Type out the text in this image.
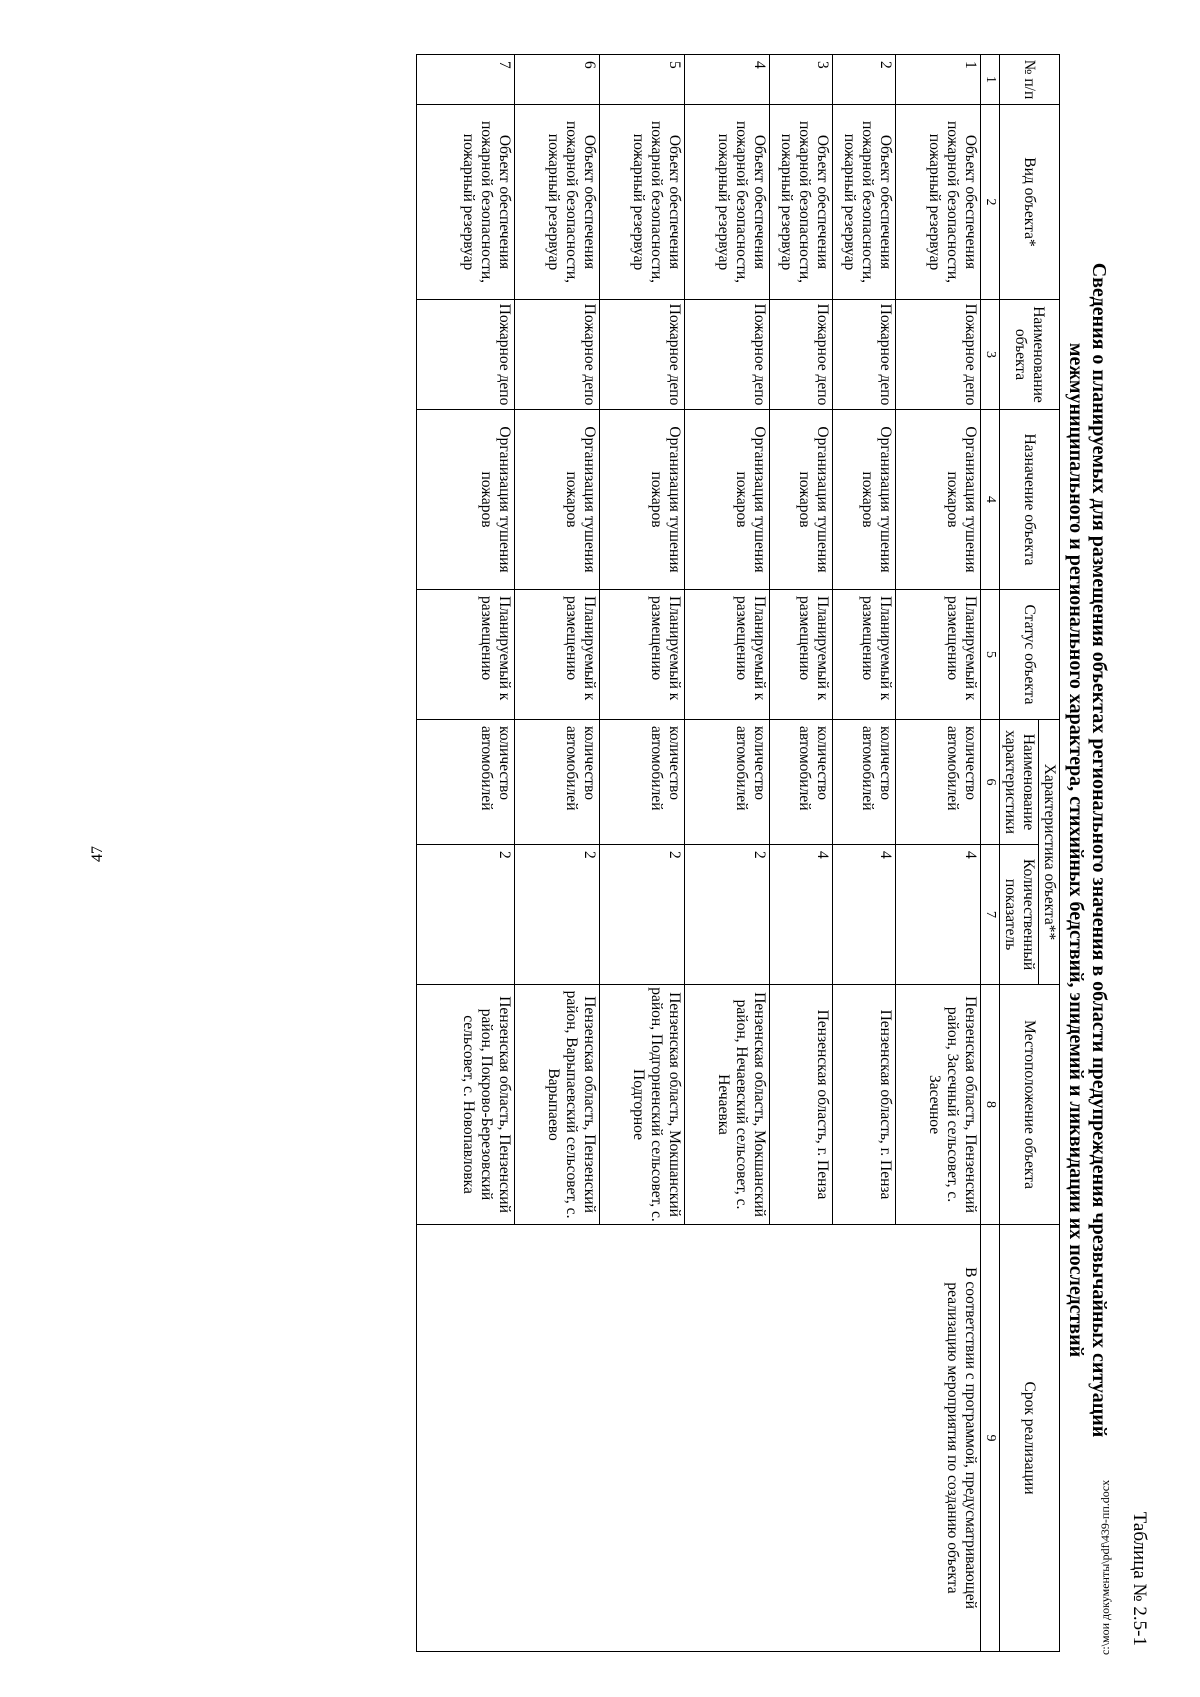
47
Таблица № 2.5-1
Сведения о планируемых для размещения объектах регионального значения в области предупреждения чрезвычайных ситуаций
межмуниципального и регионального характера, стихийных бедствий, эпидемий и ликвидации их последствий
№ п/п	Вид объекта*	Наименование объекта	Назначение объекта	Статус объекта	Характеристика объекта**		Местоположение объекта	Срок реализации
					Наименование характеристики	Количественный показатель		
1	2	3	4	5	6	7	8	9
1	Объект обеспечения пожарной безопасности, пожарный резервуар	Пожарное депо	Организация тушения пожаров	Планируемый к размещению	количество автомобилей	4	Пензенская область, Пензенский район, Засечный сельсовет, с. Засечное	В соответствии с программой, предусматривающей реализацию мероприятия по созданию объекта
2	Объект обеспечения пожарной безопасности, пожарный резервуар	Пожарное депо	Организация тушения пожаров	Планируемый к размещению	количество автомобилей	4	Пензенская область, г. Пенза	
3	Объект обеспечения пожарной безопасности, пожарный резервуар	Пожарное депо	Организация тушения пожаров	Планируемый к размещению	количество автомобилей	4	Пензенская область, г. Пенза	
4	Объект обеспечения пожарной безопасности, пожарный резервуар	Пожарное депо	Организация тушения пожаров	Планируемый к размещению	количество автомобилей	2	Пензенская область, Мокшанский район, Нечаевский сельсовет, с. Нечаевка	
5	Объект обеспечения пожарной безопасности, пожарный резервуар	Пожарное депо	Организация тушения пожаров	Планируемый к размещению	количество автомобилей	2	Пензенская область, Мокшанский район, Подгорненский сельсовет, с. Подгорное	
6	Объект обеспечения пожарной безопасности, пожарный резервуар	Пожарное депо	Организация тушения пожаров	Планируемый к размещению	количество автомобилей	2	Пензенская область, Пензенский район, Варыпаевский сельсовет, с. Варыпаево	
7	Объект обеспечения пожарной безопасности, пожарный резервуар	Пожарное депо	Организация тушения пожаров	Планируемый к размещению	количество автомобилей	2	Пензенская область, Пензенский район, Покрово-Березовский сельсовет, с. Новопавловка	
c:\мои документы\pdf\439-пп.docx
